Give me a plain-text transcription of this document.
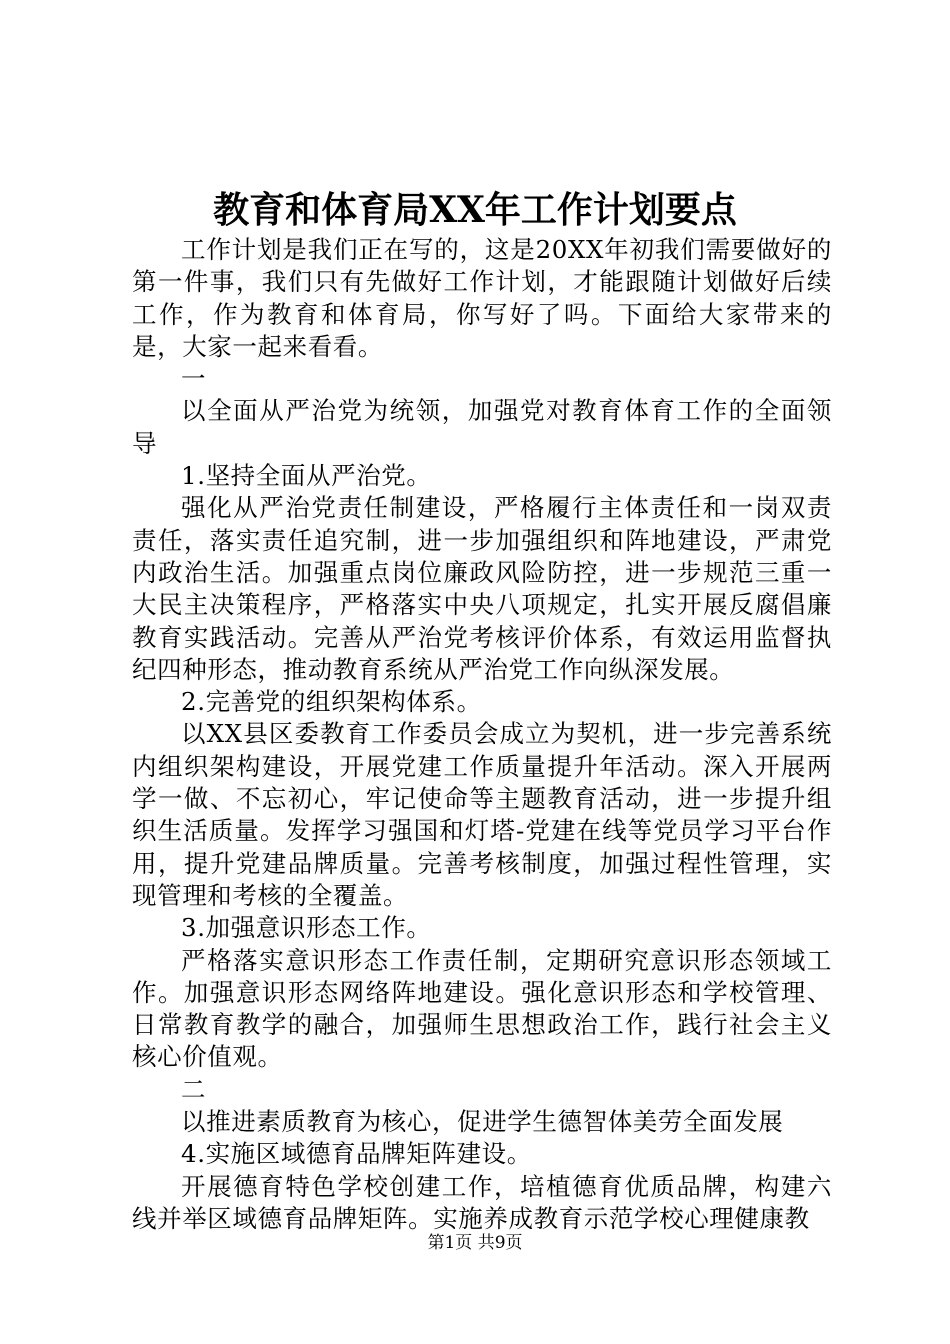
教育和体育局XX年工作计划要点

工作计划是我们正在写的，这是20XX年初我们需要做好的第一件事，我们只有先做好工作计划，才能跟随计划做好后续工作，作为教育和体育局，你写好了吗。下面给大家带来的是，大家一起来看看。

一

以全面从严治党为统领，加强党对教育体育工作的全面领导

1.坚持全面从严治党。

强化从严治党责任制建设，严格履行主体责任和一岗双责责任，落实责任追究制，进一步加强组织和阵地建设，严肃党内政治生活。加强重点岗位廉政风险防控，进一步规范三重一大民主决策程序，严格落实中央八项规定，扎实开展反腐倡廉教育实践活动。完善从严治党考核评价体系，有效运用监督执纪四种形态，推动教育系统从严治党工作向纵深发展。

2.完善党的组织架构体系。

以XX县区委教育工作委员会成立为契机，进一步完善系统内组织架构建设，开展党建工作质量提升年活动。深入开展两学一做、不忘初心，牢记使命等主题教育活动，进一步提升组织生活质量。发挥学习强国和灯塔-党建在线等党员学习平台作用，提升党建品牌质量。完善考核制度，加强过程性管理，实现管理和考核的全覆盖。

3.加强意识形态工作。

严格落实意识形态工作责任制，定期研究意识形态领域工作。加强意识形态网络阵地建设。强化意识形态和学校管理、日常教育教学的融合，加强师生思想政治工作，践行社会主义核心价值观。

二

以推进素质教育为核心，促进学生德智体美劳全面发展

4.实施区域德育品牌矩阵建设。

开展德育特色学校创建工作，培植德育优质品牌，构建六线并举区域德育品牌矩阵。实施养成教育示范学校心理健康教

第1页 共9页
